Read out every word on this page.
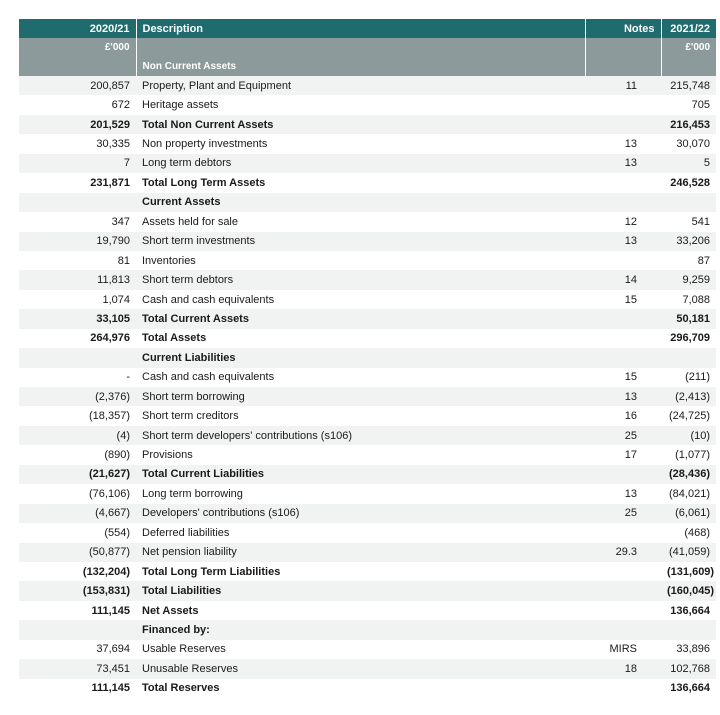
2020/21	Description	Notes	2021/22
£'000			£'000
	Non Current Assets		
200,857	Property, Plant and Equipment	11	215,748
672	Heritage assets		705
201,529	Total Non Current Assets		216,453
30,335	Non property investments	13	30,070
7	Long term debtors	13	5
231,871	Total Long Term Assets		246,528
	Current Assets		
347	Assets held for sale	12	541
19,790	Short term investments	13	33,206
81	Inventories		87
11,813	Short term debtors	14	9,259
1,074	Cash and cash equivalents	15	7,088
33,105	Total Current Assets		50,181
264,976	Total Assets		296,709
	Current Liabilities		
-	Cash and cash equivalents	15	(211)
(2,376)	Short term borrowing	13	(2,413)
(18,357)	Short term creditors	16	(24,725)
(4)	Short term developers' contributions (s106)	25	(10)
(890)	Provisions	17	(1,077)
(21,627)	Total Current Liabilities		(28,436)
(76,106)	Long term borrowing	13	(84,021)
(4,667)	Developers' contributions (s106)	25	(6,061)
(554)	Deferred liabilities		(468)
(50,877)	Net pension liability	29.3	(41,059)
(132,204)	Total Long Term Liabilities		(131,609)
(153,831)	Total Liabilities		(160,045)
111,145	Net Assets		136,664
	Financed by:		
37,694	Usable Reserves	MIRS	33,896
73,451	Unusable Reserves	18	102,768
111,145	Total Reserves		136,664
